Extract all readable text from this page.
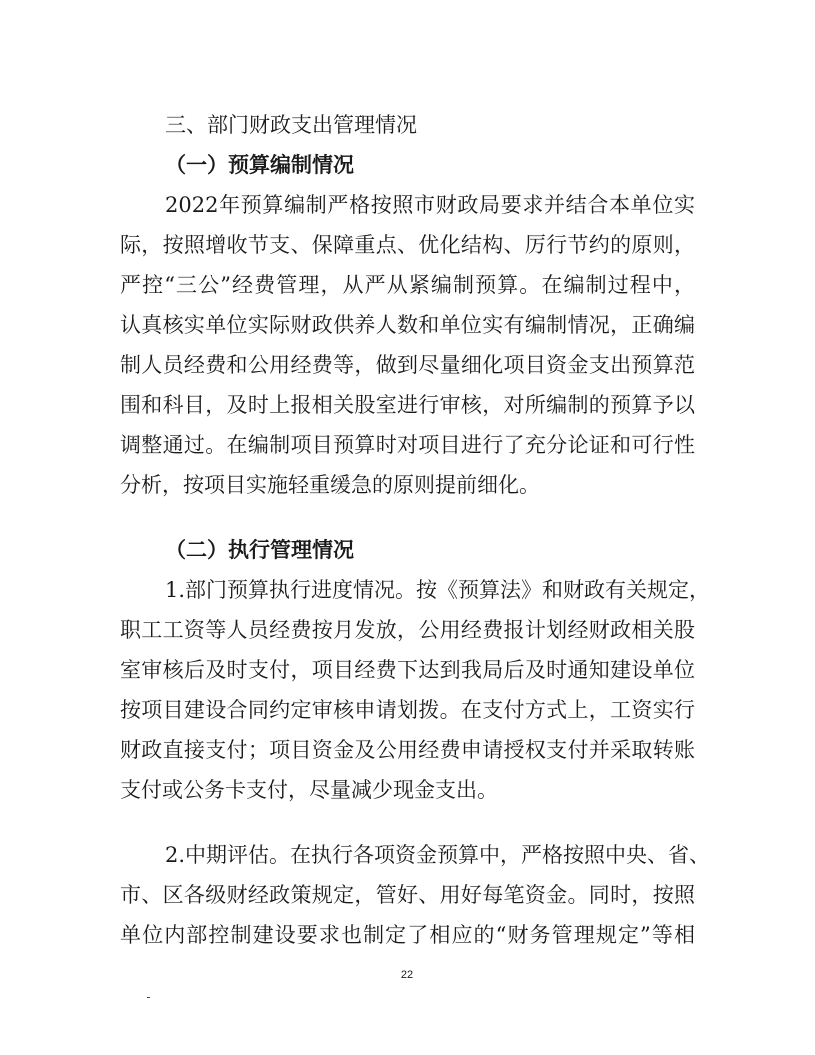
三、部门财政支出管理情况
（一）预算编制情况
2022年预算编制严格按照市财政局要求并结合本单位实
际，按照增收节支、保障重点、优化结构、厉行节约的原则，
严控“三公”经费管理，从严从紧编制预算。在编制过程中，
认真核实单位实际财政供养人数和单位实有编制情况，正确编
制人员经费和公用经费等，做到尽量细化项目资金支出预算范
围和科目，及时上报相关股室进行审核，对所编制的预算予以
调整通过。在编制项目预算时对项目进行了充分论证和可行性
分析，按项目实施轻重缓急的原则提前细化。
（二）执行管理情况
1.部门预算执行进度情况。按《预算法》和财政有关规定，
职工工资等人员经费按月发放，公用经费报计划经财政相关股
室审核后及时支付，项目经费下达到我局后及时通知建设单位
按项目建设合同约定审核申请划拨。在支付方式上，工资实行
财政直接支付；项目资金及公用经费申请授权支付并采取转账
支付或公务卡支付，尽量减少现金支出。
2.中期评估。在执行各项资金预算中，严格按照中央、省、
市、区各级财经政策规定，管好、用好每笔资金。同时，按照
单位内部控制建设要求也制定了相应的“财务管理规定”等相
22
